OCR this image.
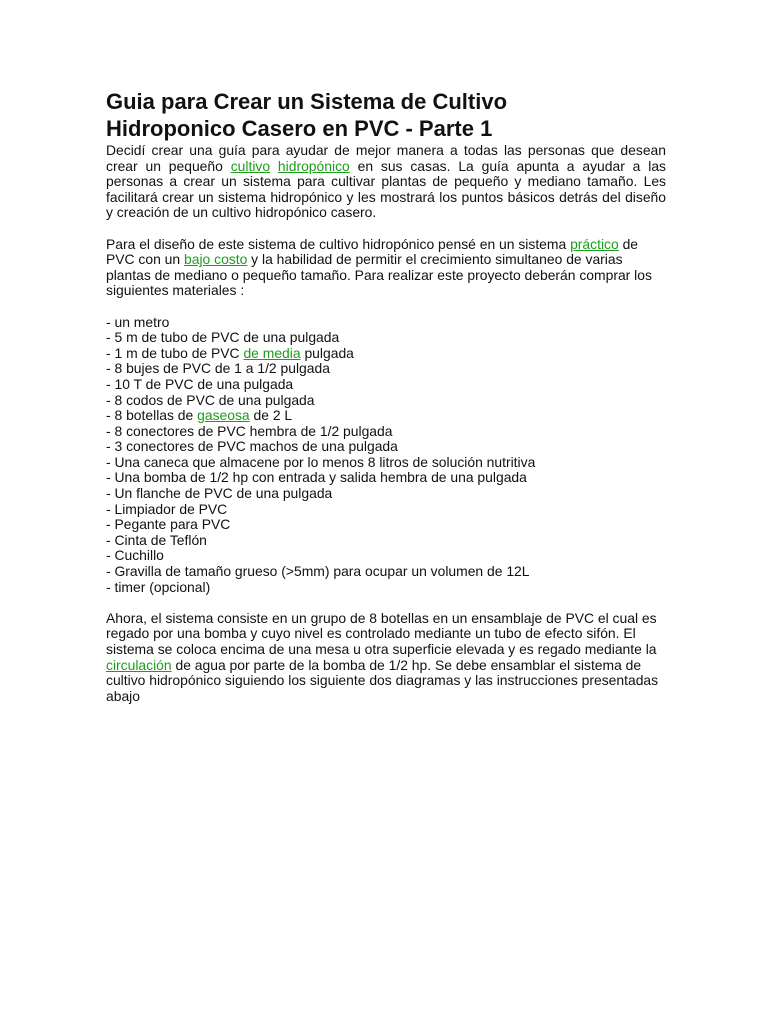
Guia para Crear un Sistema de Cultivo
Hidroponico Casero en PVC - Parte 1

Decidí crear una guía para ayudar de mejor manera a todas las personas que desean crear un pequeño cultivo hidropónico en sus casas. La guía apunta a ayudar a las personas a crear un sistema para cultivar plantas de pequeño y mediano tamaño. Les facilitará crear un sistema hidropónico y les mostrará los puntos básicos detrás del diseño y creación de un cultivo hidropónico casero.

Para el diseño de este sistema de cultivo hidropónico pensé en un sistema práctico de PVC con un bajo costo y la habilidad de permitir el crecimiento simultaneo de varias plantas de mediano o pequeño tamaño. Para realizar este proyecto deberán comprar los siguientes materiales :

- un metro
- 5 m de tubo de PVC de una pulgada
- 1 m de tubo de PVC de media pulgada
- 8 bujes de PVC de 1 a 1/2 pulgada
- 10 T de PVC de una pulgada
- 8 codos de PVC de una pulgada
- 8 botellas de gaseosa de 2 L
- 8 conectores de PVC hembra de 1/2 pulgada
- 3 conectores de PVC machos de una pulgada
- Una caneca que almacene por lo menos 8 litros de solución nutritiva
- Una bomba de 1/2 hp con entrada y salida hembra de una pulgada
- Un flanche de PVC de una pulgada
- Limpiador de PVC
- Pegante para PVC
- Cinta de Teflón
- Cuchillo
- Gravilla de tamaño grueso (>5mm) para ocupar un volumen de 12L
- timer (opcional)

Ahora, el sistema consiste en un grupo de 8 botellas en un ensamblaje de PVC el cual es
regado por una bomba y cuyo nivel es controlado mediante un tubo de efecto sifón. El
sistema se coloca encima de una mesa u otra superficie elevada y es regado mediante la
circulación de agua por parte de la bomba de 1/2 hp. Se debe ensamblar el sistema de
cultivo hidropónico siguiendo los siguiente dos diagramas y las instrucciones presentadas
abajo
